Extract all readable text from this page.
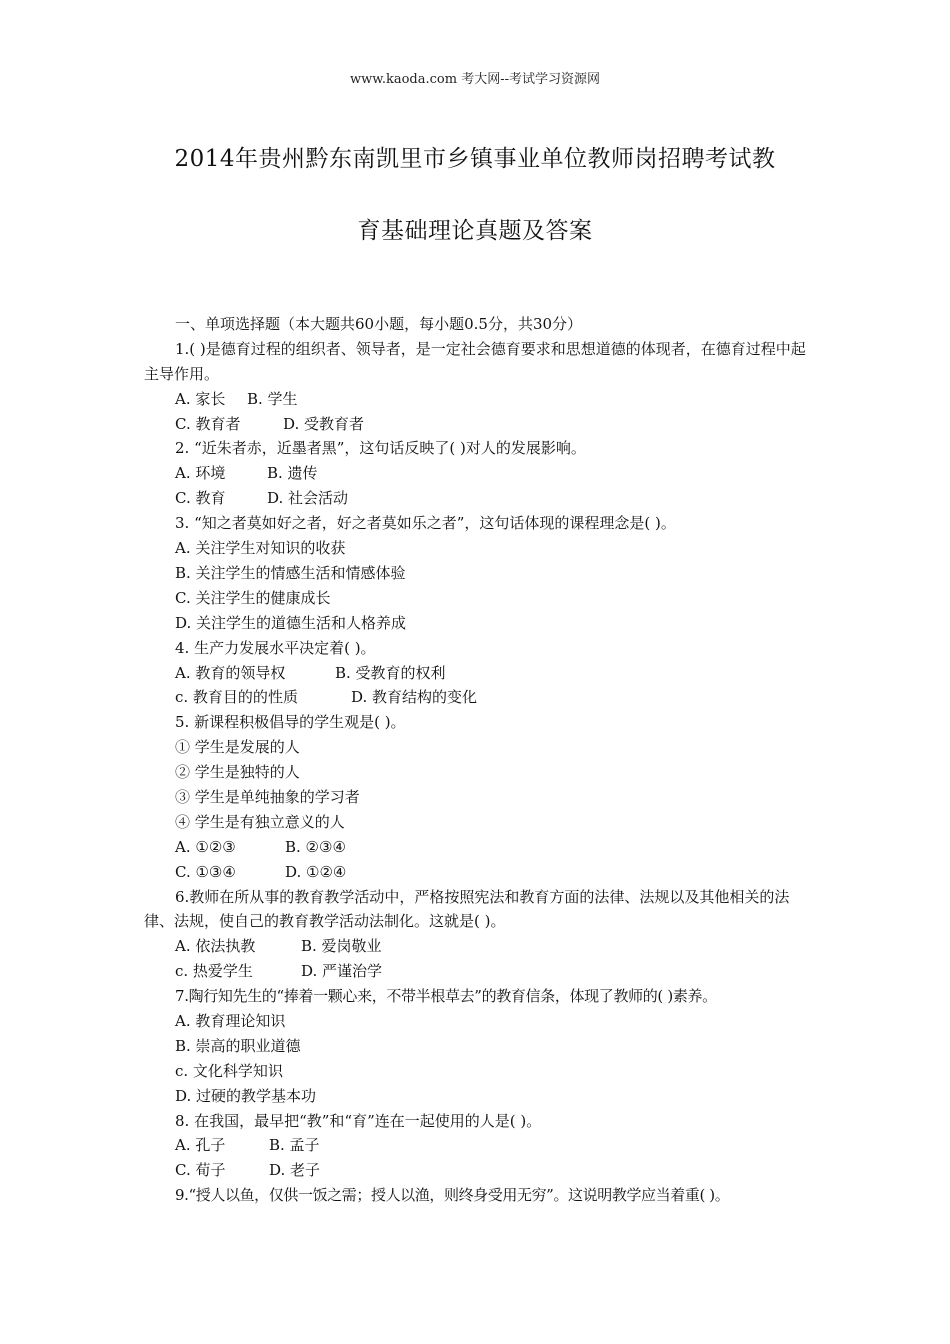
www.kaoda.com 考大网--考试学习资源网
2014年贵州黔东南凯里市乡镇事业单位教师岗招聘考试教
育基础理论真题及答案
一、单项选择题（本大题共60小题，每小题0.5分，共30分）
1.( )是德育过程的组织者、领导者，是一定社会德育要求和思想道德的体现者，在德育过程中起主导作用。
A. 家长 B. 学生
C. 教育者	D. 受教育者
2. “近朱者赤，近墨者黑”，这句话反映了( )对人的发展影响。
A. 环境	B. 遗传
C. 教育	D. 社会活动
3. “知之者莫如好之者，好之者莫如乐之者”，这句话体现的课程理念是( )。
A. 关注学生对知识的收获
B. 关注学生的情感生活和情感体验
C. 关注学生的健康成长
D. 关注学生的道德生活和人格养成
4. 生产力发展水平决定着( )。
A. 教育的领导权	B. 受教育的权利
c. 教育目的的性质	D. 教育结构的变化
5. 新课程积极倡导的学生观是( )。
① 学生是发展的人
② 学生是独特的人
③ 学生是单纯抽象的学习者
④ 学生是有独立意义的人
A. ①②③	B. ②③④
C. ①③④	D. ①②④
6.教师在所从事的教育教学活动中，严格按照宪法和教育方面的法律、法规以及其他相关的法律、法规，使自己的教育教学活动法制化。这就是( )。
A. 依法执教	B. 爱岗敬业
c. 热爱学生	D. 严谨治学
7.陶行知先生的“捧着一颗心来，不带半根草去”的教育信条，体现了教师的( )素养。
A. 教育理论知识
B. 崇高的职业道德
c. 文化科学知识
D. 过硬的教学基本功
8. 在我国，最早把“教”和“育”连在一起使用的人是( )。
A. 孔子	B. 孟子
C. 荀子	D. 老子
9.“授人以鱼，仅供一饭之需；授人以渔，则终身受用无穷”。这说明教学应当着重( )。
